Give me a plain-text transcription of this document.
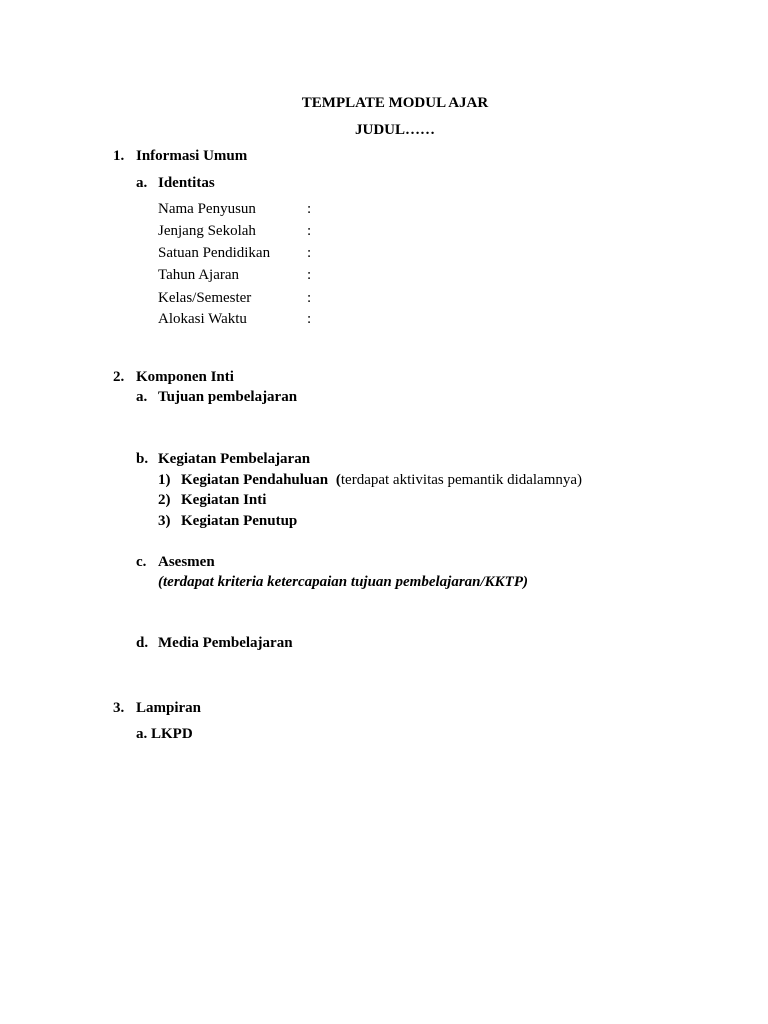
TEMPLATE MODUL AJAR
JUDUL……
1. Informasi Umum
a. Identitas
Nama Penyusun	:
Jenjang Sekolah	:
Satuan Pendidikan :
Tahun Ajaran	:
Kelas/Semester	:
Alokasi Waktu	:
2. Komponen Inti
a. Tujuan pembelajaran
b. Kegiatan Pembelajaran
1) Kegiatan Pendahuluan (terdapat aktivitas pemantik didalamnya)
2) Kegiatan Inti
3) Kegiatan Penutup
c. Asesmen
(terdapat kriteria ketercapaian tujuan pembelajaran/KKTP)
d. Media Pembelajaran
3. Lampiran
a. LKPD
